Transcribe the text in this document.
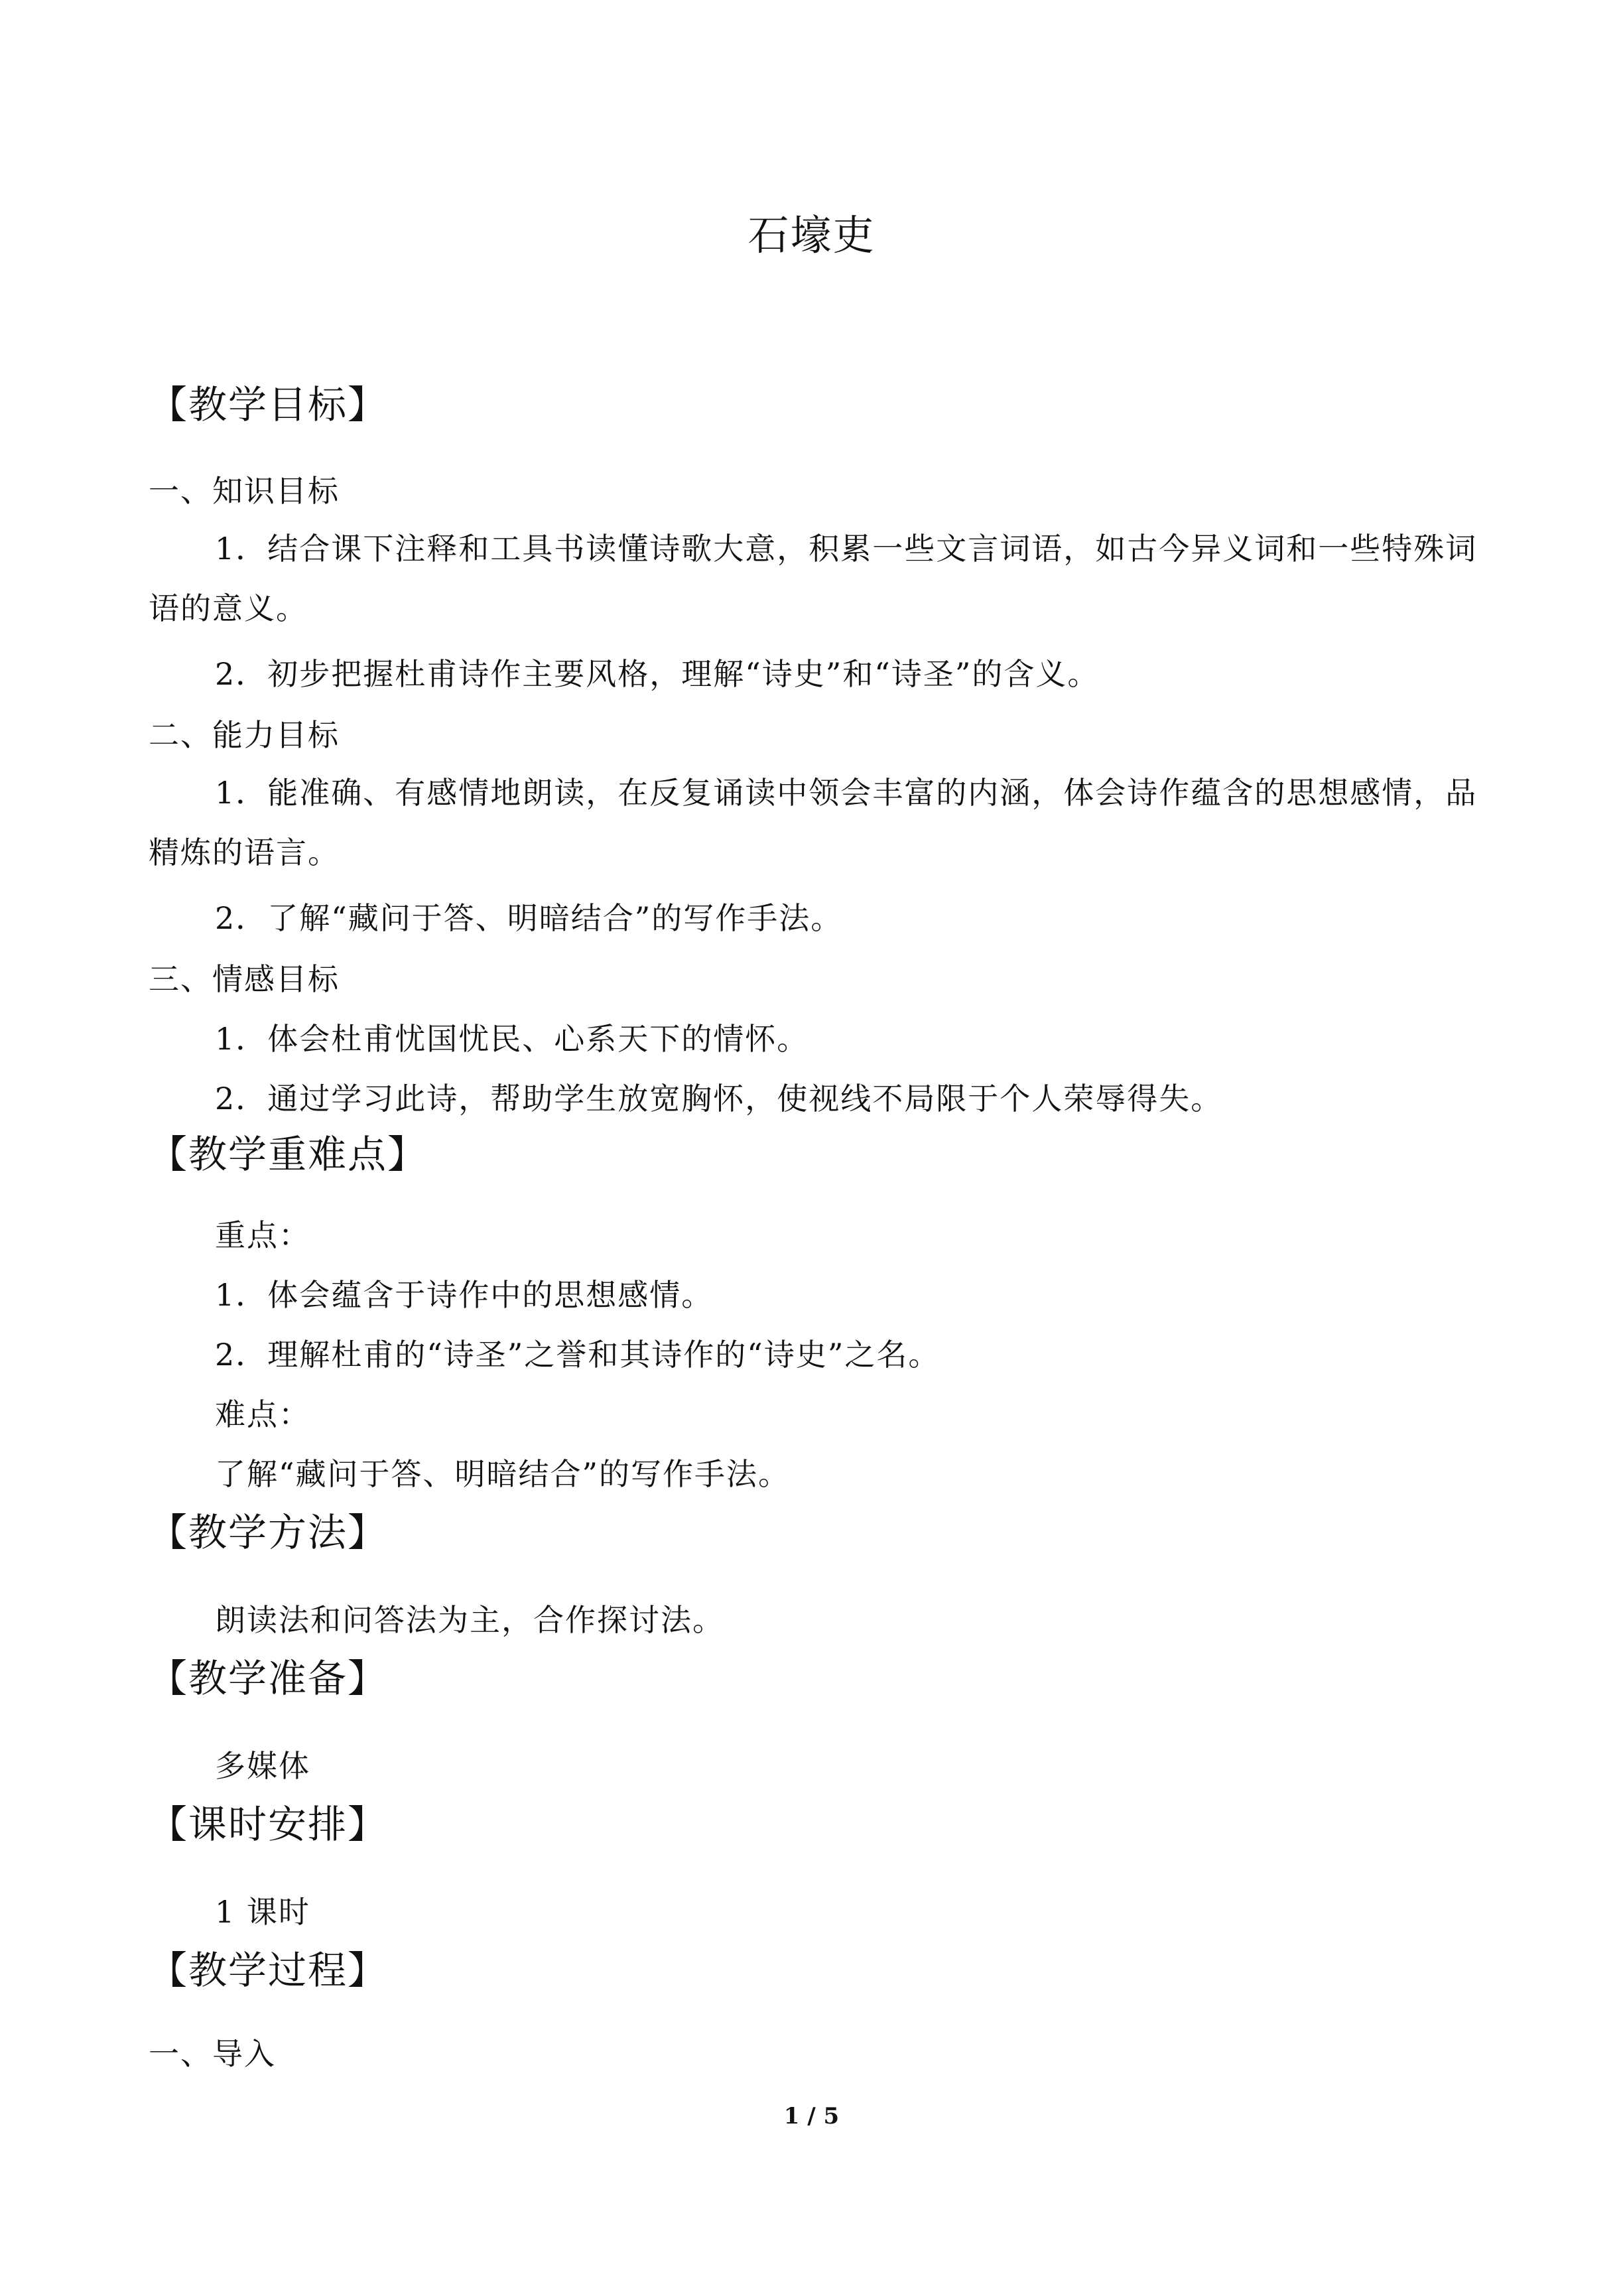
石壕吏
【教学目标】
一、知识目标
1．结合课下注释和工具书读懂诗歌大意，积累一些文言词语，如古今异义词和一些特殊词语的意义。
2．初步把握杜甫诗作主要风格，理解“诗史”和“诗圣”的含义。
二、能力目标
1．能准确、有感情地朗读，在反复诵读中领会丰富的内涵，体会诗作蕴含的思想感情，品精炼的语言。
2．了解“藏问于答、明暗结合”的写作手法。
三、情感目标
1．体会杜甫忧国忧民、心系天下的情怀。
2．通过学习此诗，帮助学生放宽胸怀，使视线不局限于个人荣辱得失。
【教学重难点】
重点：
1．体会蕴含于诗作中的思想感情。
2．理解杜甫的“诗圣”之誉和其诗作的“诗史”之名。
难点：
了解“藏问于答、明暗结合”的写作手法。
【教学方法】
朗读法和问答法为主，合作探讨法。
【教学准备】
多媒体
【课时安排】
1 课时
【教学过程】
一、导入
1 / 5
